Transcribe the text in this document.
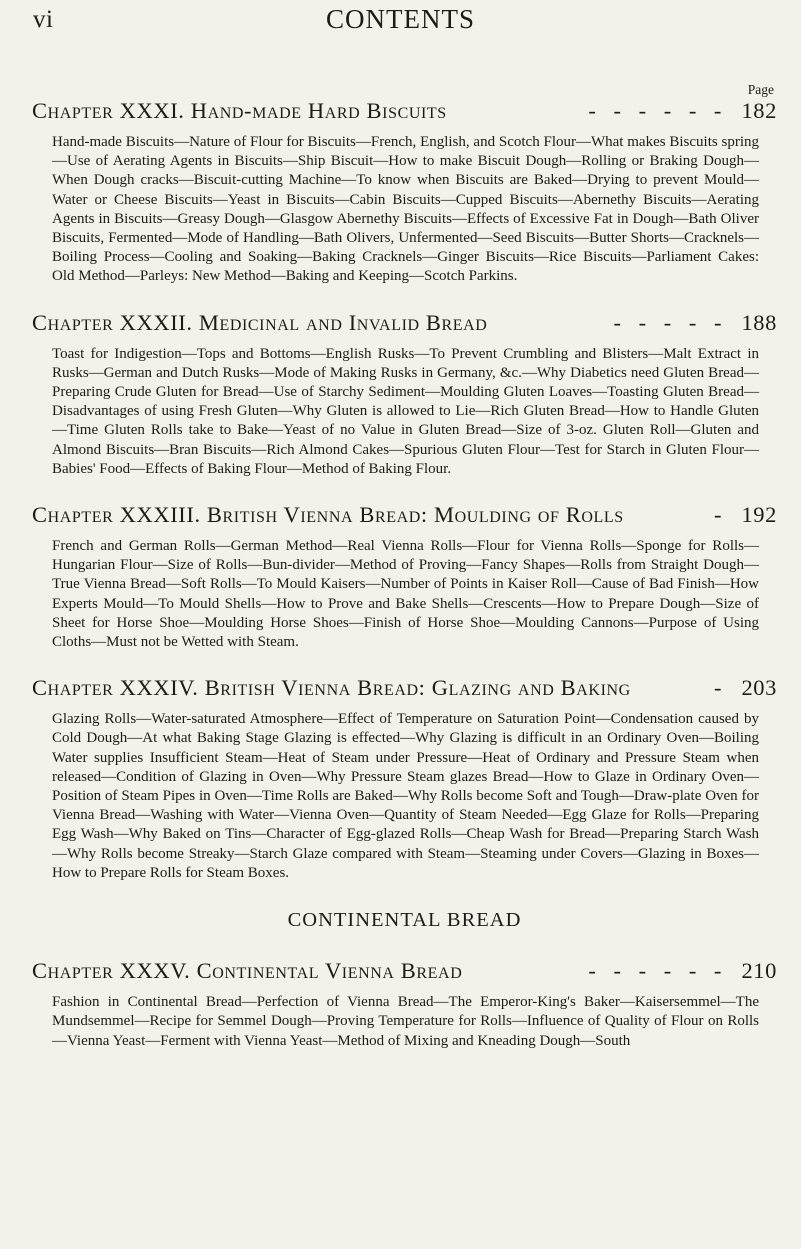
vi	CONTENTS
Page
Chapter XXXI. Hand-made Hard Biscuits	- - - - - - 182
Hand-made Biscuits—Nature of Flour for Biscuits—French, English, and Scotch Flour—What makes Biscuits spring—Use of Aerating Agents in Biscuits—Ship Biscuit—How to make Biscuit Dough—Rolling or Braking Dough—When Dough cracks—Biscuit-cutting Machine—To know when Biscuits are Baked—Drying to prevent Mould—Water or Cheese Biscuits—Yeast in Biscuits—Cabin Biscuits—Cupped Biscuits—Abernethy Biscuits—Aerating Agents in Biscuits—Greasy Dough—Glasgow Abernethy Biscuits—Effects of Excessive Fat in Dough—Bath Oliver Biscuits, Fermented—Mode of Handling—Bath Olivers, Unfermented—Seed Biscuits—Butter Shorts—Cracknels—Boiling Process—Cooling and Soaking—Baking Cracknels—Ginger Biscuits—Rice Biscuits—Parliament Cakes: Old Method—Parleys: New Method—Baking and Keeping—Scotch Parkins.
Chapter XXXII. Medicinal and Invalid Bread	- - - - - 188
Toast for Indigestion—Tops and Bottoms—English Rusks—To Prevent Crumbling and Blisters—Malt Extract in Rusks—German and Dutch Rusks—Mode of Making Rusks in Germany, &c.—Why Diabetics need Gluten Bread—Preparing Crude Gluten for Bread—Use of Starchy Sediment—Moulding Gluten Loaves—Toasting Gluten Bread—Disadvantages of using Fresh Gluten—Why Gluten is allowed to Lie—Rich Gluten Bread—How to Handle Gluten—Time Gluten Rolls take to Bake—Yeast of no Value in Gluten Bread—Size of 3-oz. Gluten Roll—Gluten and Almond Biscuits—Bran Biscuits—Rich Almond Cakes—Spurious Gluten Flour—Test for Starch in Gluten Flour—Babies' Food—Effects of Baking Flour—Method of Baking Flour.
Chapter XXXIII. British Vienna Bread: Moulding of Rolls	- 192
French and German Rolls—German Method—Real Vienna Rolls—Flour for Vienna Rolls—Sponge for Rolls—Hungarian Flour—Size of Rolls—Bun-divider—Method of Proving—Fancy Shapes—Rolls from Straight Dough—True Vienna Bread—Soft Rolls—To Mould Kaisers—Number of Points in Kaiser Roll—Cause of Bad Finish—How Experts Mould—To Mould Shells—How to Prove and Bake Shells—Crescents—How to Prepare Dough—Size of Sheet for Horse Shoe—Moulding Horse Shoes—Finish of Horse Shoe—Moulding Cannons—Purpose of Using Cloths—Must not be Wetted with Steam.
Chapter XXXIV. British Vienna Bread: Glazing and Baking	- 203
Glazing Rolls—Water-saturated Atmosphere—Effect of Temperature on Saturation Point—Condensation caused by Cold Dough—At what Baking Stage Glazing is effected—Why Glazing is difficult in an Ordinary Oven—Boiling Water supplies Insufficient Steam—Heat of Steam under Pressure—Heat of Ordinary and Pressure Steam when released—Condition of Glazing in Oven—Why Pressure Steam glazes Bread—How to Glaze in Ordinary Oven—Position of Steam Pipes in Oven—Time Rolls are Baked—Why Rolls become Soft and Tough—Draw-plate Oven for Vienna Bread—Washing with Water—Vienna Oven—Quantity of Steam Needed—Egg Glaze for Rolls—Preparing Egg Wash—Why Baked on Tins—Character of Egg-glazed Rolls—Cheap Wash for Bread—Preparing Starch Wash—Why Rolls become Streaky—Starch Glaze compared with Steam—Steaming under Covers—Glazing in Boxes—How to Prepare Rolls for Steam Boxes.
CONTINENTAL BREAD
Chapter XXXV. Continental Vienna Bread	- - - - - - 210
Fashion in Continental Bread—Perfection of Vienna Bread—The Emperor-King's Baker—Kaisersemmel—The Mundsemmel—Recipe for Semmel Dough—Proving Temperature for Rolls—Influence of Quality of Flour on Rolls—Vienna Yeast—Ferment with Vienna Yeast—Method of Mixing and Kneading Dough—South
